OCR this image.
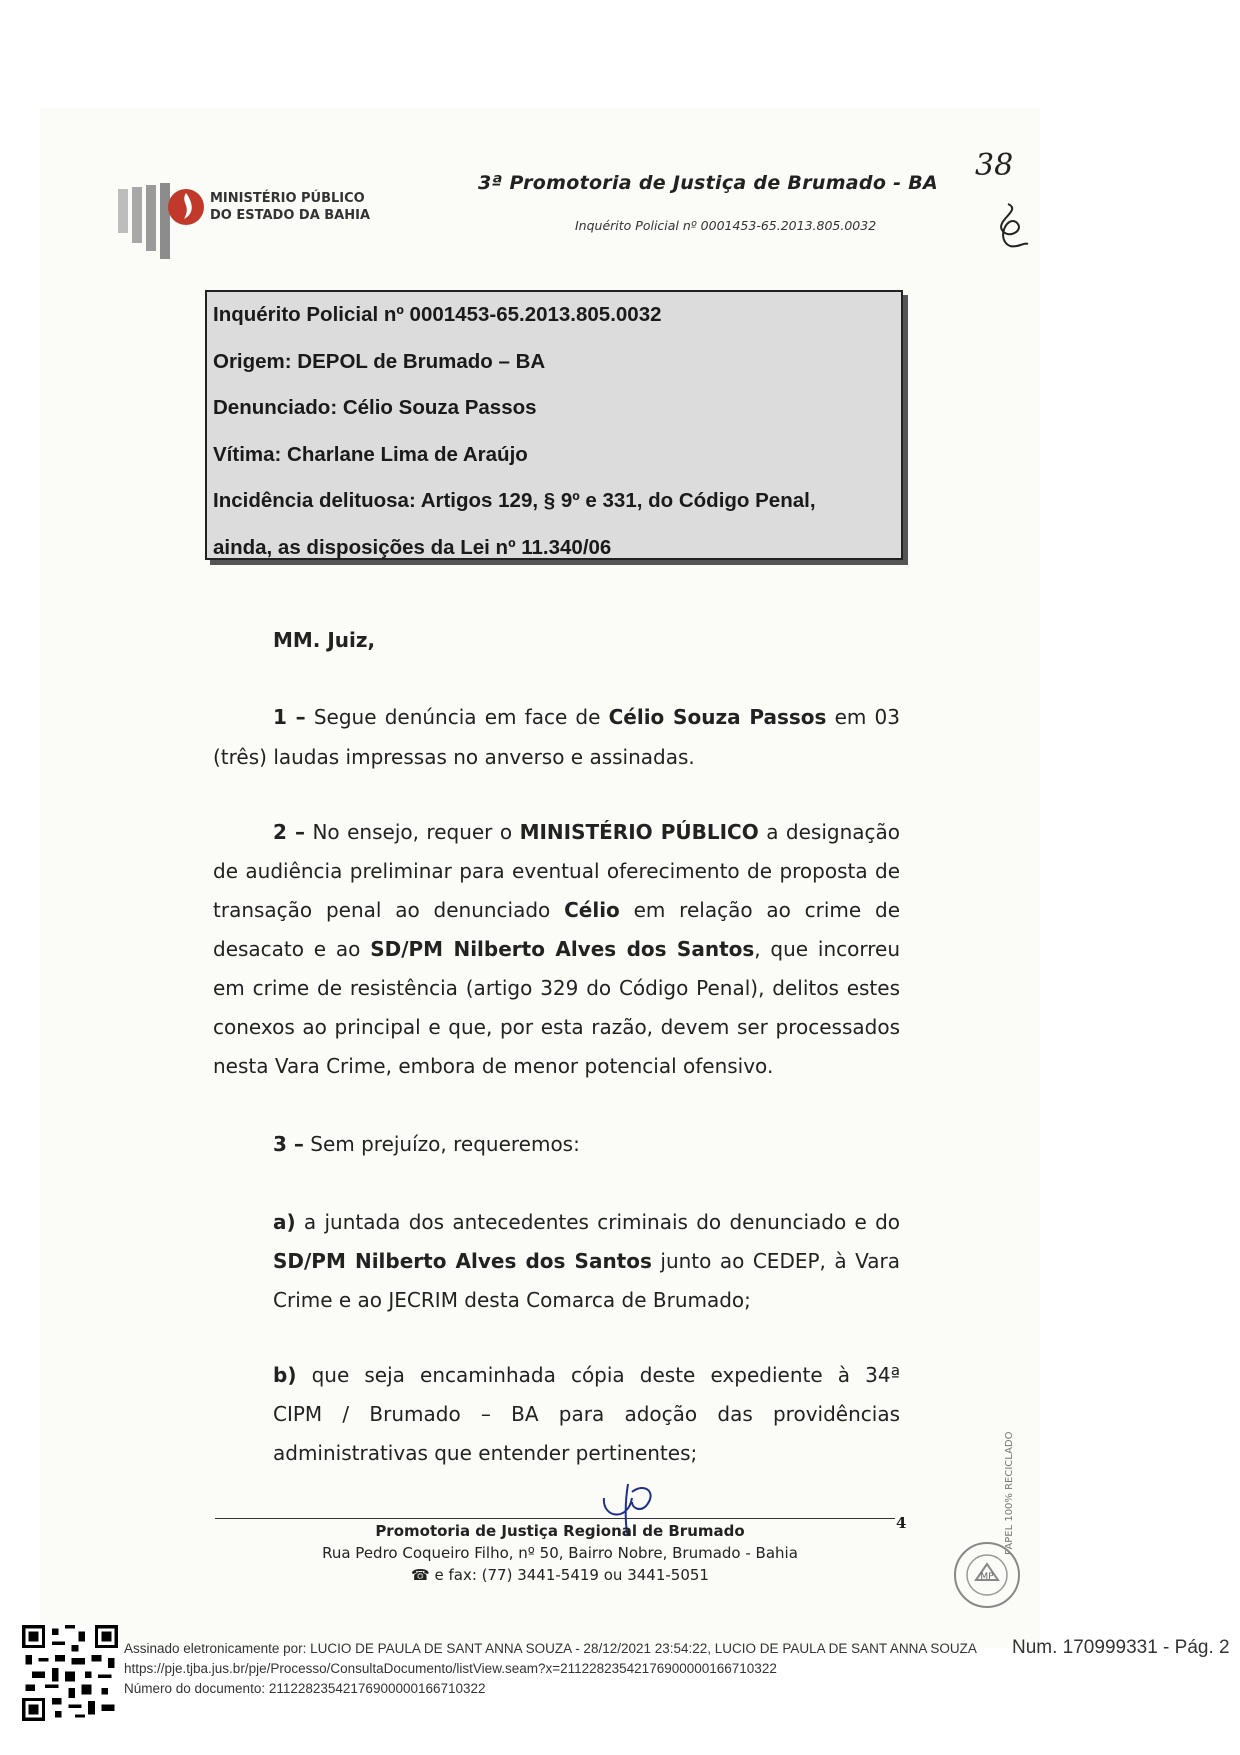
MINISTÉRIO PÚBLICO
DO ESTADO DA BAHIA
3ª Promotoria de Justiça de Brumado - BA
Inquérito Policial nº 0001453-65.2013.805.0032
38
Inquérito Policial nº 0001453-65.2013.805.0032
Origem: DEPOL de Brumado – BA
Denunciado: Célio Souza Passos
Vítima: Charlane Lima de Araújo
Incidência delituosa: Artigos 129, § 9º e 331, do Código Penal,
ainda, as disposições da Lei nº 11.340/06
MM. Juiz,
1 – Segue denúncia em face de Célio Souza Passos em 03
(três) laudas impressas no anverso e assinadas.
2 – No ensejo, requer o MINISTÉRIO PÚBLICO a designação
de audiência preliminar para eventual oferecimento de proposta de
transação penal ao denunciado Célio em relação ao crime de
desacato e ao SD/PM Nilberto Alves dos Santos, que incorreu
em crime de resistência (artigo 329 do Código Penal), delitos estes
conexos ao principal e que, por esta razão, devem ser processados
nesta Vara Crime, embora de menor potencial ofensivo.
3 – Sem prejuízo, requeremos:
a) a juntada dos antecedentes criminais do denunciado e do
SD/PM Nilberto Alves dos Santos junto ao CEDEP, à Vara
Crime e ao JECRIM desta Comarca de Brumado;
b) que seja encaminhada cópia deste expediente à 34ª
CIPM / Brumado – BA para adoção das providências
administrativas que entender pertinentes;
4
Promotoria de Justiça Regional de Brumado
Rua Pedro Coqueiro Filho, nº 50, Bairro Nobre, Brumado - Bahia
☎ e fax: (77) 3441-5419 ou 3441-5051
PAPEL 100% RECICLADO
MP
Assinado eletronicamente por: LUCIO DE PAULA DE SANT ANNA SOUZA - 28/12/2021 23:54:22, LUCIO DE PAULA DE SANT ANNA SOUZA
https://pje.tjba.jus.br/pje/Processo/ConsultaDocumento/listView.seam?x=21122823542176900000166710322
Número do documento: 21122823542176900000166710322
Num. 170999331 - Pág. 2
